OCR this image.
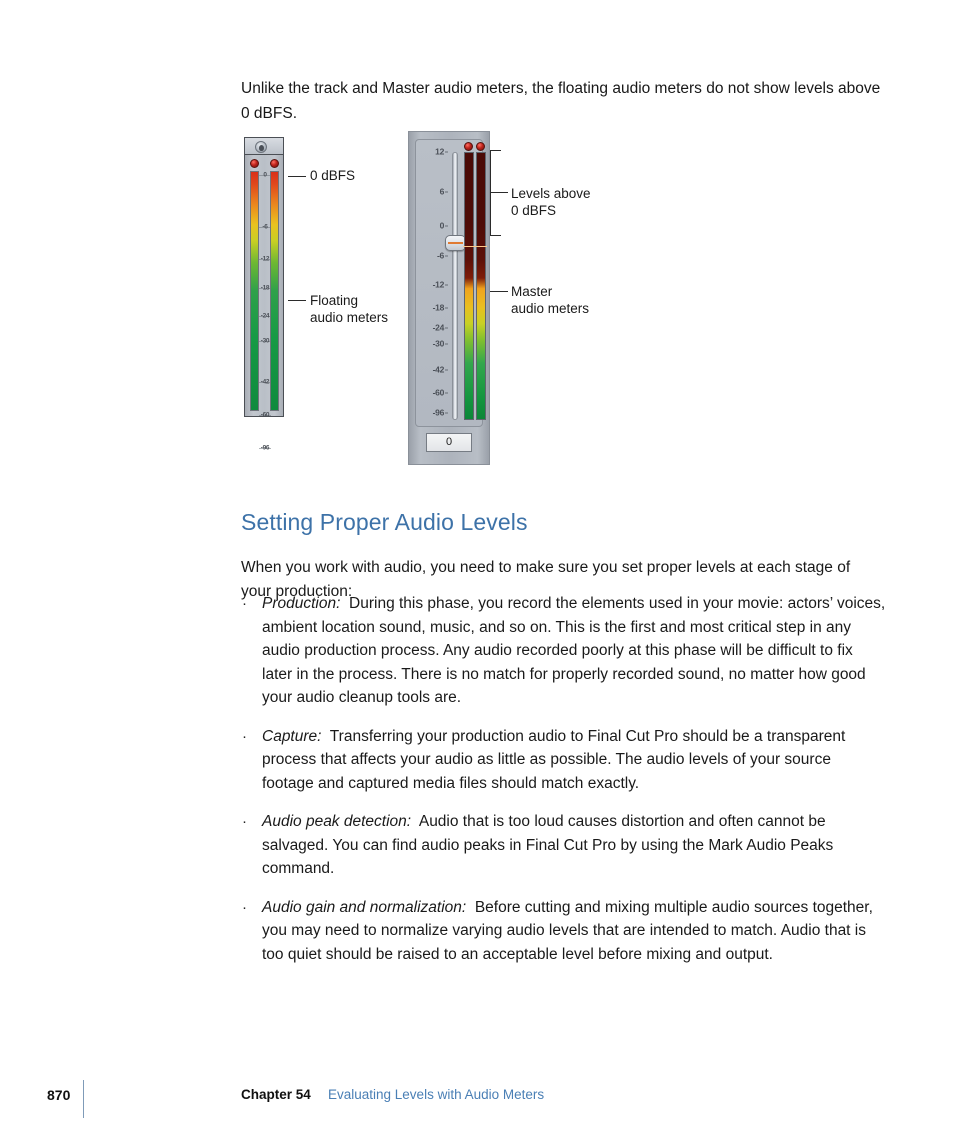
Unlike the track and Master audio meters, the floating audio meters do not show levels above 0 dBFS.

0
-6
-12
-18
-24
-30
-42
-60
-96
0 dBFS
Floating
audio meters
12
6
0
-6
-12
-18
-24
-30
-42
-60
-96
0
Levels above
0 dBFS
Master
audio meters
Setting Proper Audio Levels

When you work with audio, you need to make sure you set proper levels at each stage of your production:

· Production:  During this phase, you record the elements used in your movie: actors’ voices, ambient location sound, music, and so on. This is the first and most critical step in any audio production process. Any audio recorded poorly at this phase will be difficult to fix later in the process. There is no match for properly recorded sound, no matter how good your audio cleanup tools are.
· Capture:  Transferring your production audio to Final Cut Pro should be a transparent process that affects your audio as little as possible. The audio levels of your source footage and captured media files should match exactly.
· Audio peak detection:  Audio that is too loud causes distortion and often cannot be salvaged. You can find audio peaks in Final Cut Pro by using the Mark Audio Peaks command.
· Audio gain and normalization:  Before cutting and mixing multiple audio sources together, you may need to normalize varying audio levels that are intended to match. Audio that is too quiet should be raised to an acceptable level before mixing and output.
870	Chapter 54 Evaluating Levels with Audio Meters
